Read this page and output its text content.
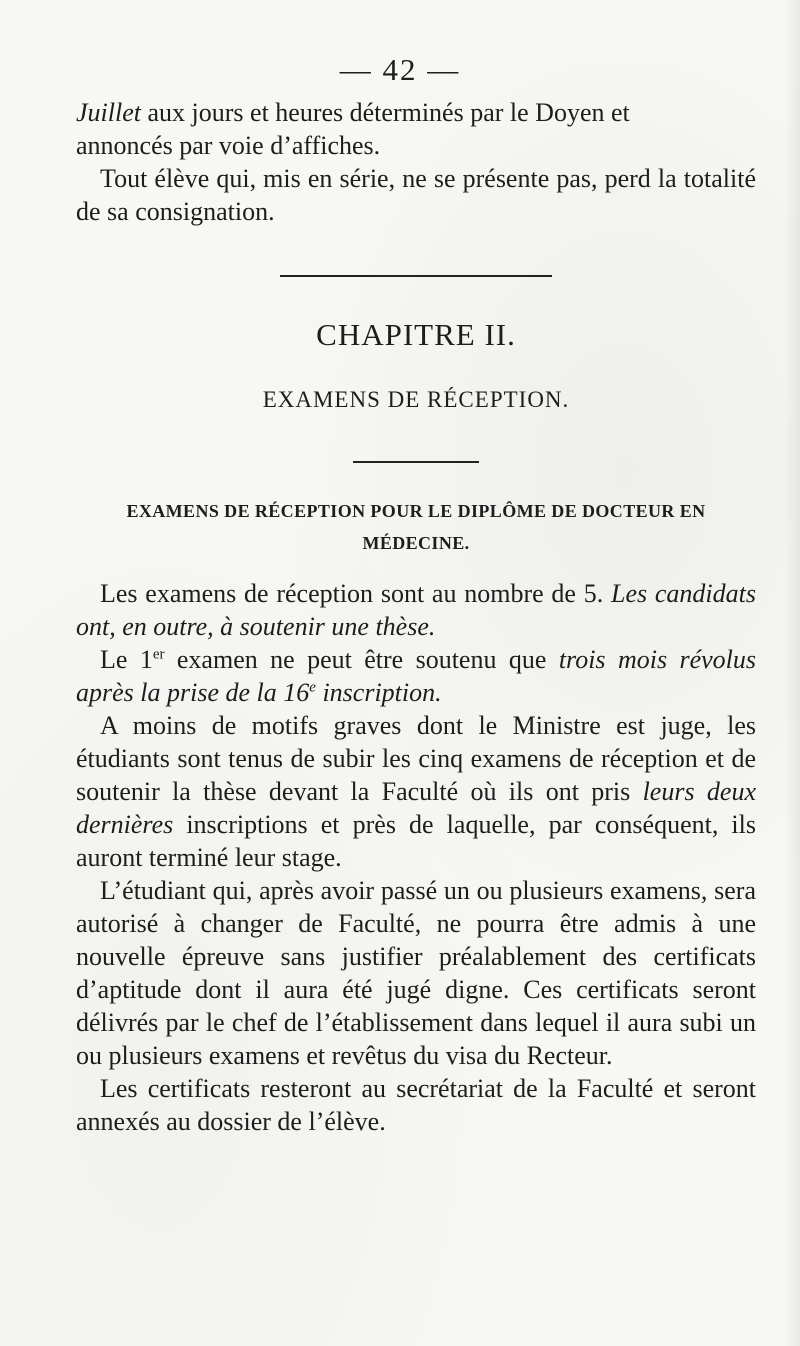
— 42 —

Juillet aux jours et heures déterminés par le Doyen et
annoncés par voie d’affiches.

Tout élève qui, mis en série, ne se présente pas, perd la totalité de sa consignation.

CHAPITRE II.
EXAMENS DE RÉCEPTION.
EXAMENS DE RÉCEPTION POUR LE DIPLÔME DE DOCTEUR EN
MÉDECINE.

Les examens de réception sont au nombre de 5. Les candidats ont, en outre, à soutenir une thèse.

Le 1er examen ne peut être soutenu que trois mois révolus après la prise de la 16e inscription.

A moins de motifs graves dont le Ministre est juge, les étudiants sont tenus de subir les cinq examens de réception et de soutenir la thèse devant la Faculté où ils ont pris leurs deux dernières inscriptions et près de laquelle, par conséquent, ils auront terminé leur stage.

L’étudiant qui, après avoir passé un ou plusieurs examens, sera autorisé à changer de Faculté, ne pourra être admis à une nouvelle épreuve sans justifier préalablement des certificats d’aptitude dont il aura été jugé digne. Ces certificats seront délivrés par le chef de l’établissement dans lequel il aura subi un ou plusieurs examens et revêtus du visa du Recteur.

Les certificats resteront au secrétariat de la Faculté et seront annexés au dossier de l’élève.
